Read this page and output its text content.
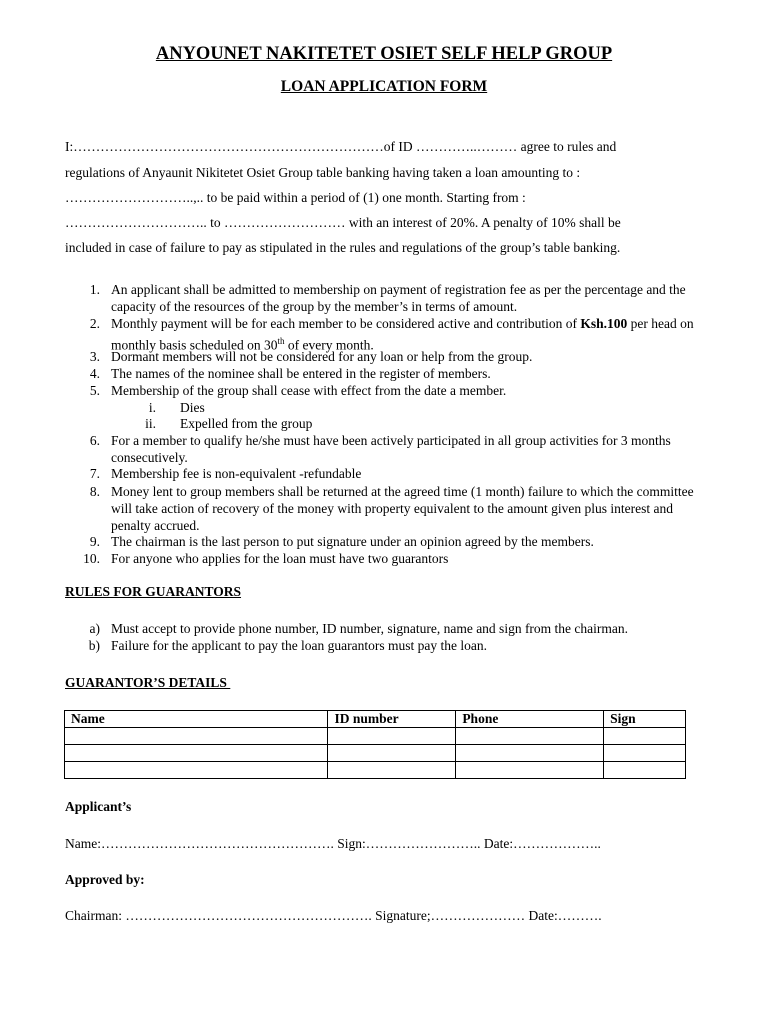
ANYOUNET NAKITETET OSIET SELF HELP GROUP
LOAN APPLICATION FORM
I:……………………………………………………………of ID …………..……… agree to rules and
regulations of Anyaunit Nikitetet Osiet Group table banking having taken a loan amounting to :
………………………..,.. to be paid within a period of (1) one month. Starting from :
………………………….. to ……………………… with an interest of 20%. A penalty of 10% shall be
included in case of failure to pay as stipulated in the rules and regulations of the group’s table banking.
1. An applicant shall be admitted to membership on payment of registration fee as per the percentage and the capacity of the resources of the group by the member’s in terms of amount.
2. Monthly payment will be for each member to be considered active and contribution of Ksh.100 per head on monthly basis scheduled on 30th of every month.
3. Dormant members will not be considered for any loan or help from the group.
4. The names of the nominee shall be entered in the register of members.
5. Membership of the group shall cease with effect from the date a member.
i. Dies
ii. Expelled from the group
6. For a member to qualify he/she must have been actively participated in all group activities for 3 months consecutively.
7. Membership fee is non-equivalent -refundable
8. Money lent to group members shall be returned at the agreed time (1 month) failure to which the committee will take action of recovery of the money with property equivalent to the amount given plus interest and penalty accrued.
9. The chairman is the last person to put signature under an opinion agreed by the members.
10. For anyone who applies for the loan must have two guarantors
RULES FOR GUARANTORS
a) Must accept to provide phone number, ID number, signature, name and sign from the chairman.
b) Failure for the applicant to pay the loan guarantors must pay the loan.
GUARANTOR’S DETAILS
Name	ID number	Phone	Sign

Applicant’s
Name:……………………………………………. Sign:…………………….. Date:………………..
Approved by:
Chairman: ………………………………………………. Signature;………………… Date:……….
